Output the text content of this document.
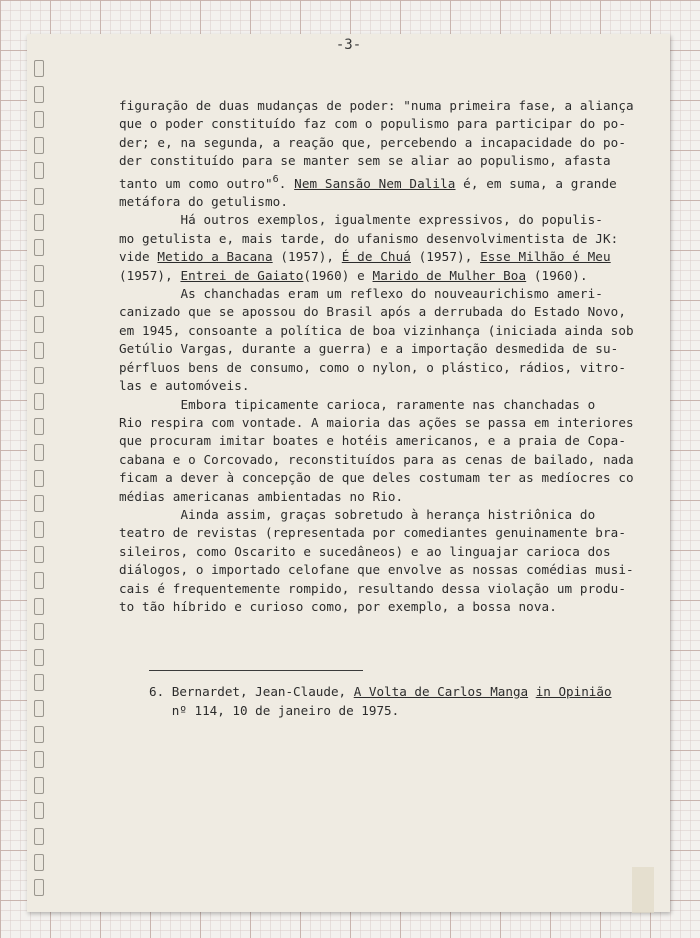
-3-
figuração de duas mudanças de poder: "numa primeira fase, a aliança
que o poder constituído faz com o populismo para participar do po-
der; e, na segunda, a reação que, percebendo a incapacidade do po-
der constituído para se manter sem se aliar ao populismo, afasta
tanto um como outro"$^6$. Nem Sansão Nem Dalila é, em suma, a grande
metáfora do getulismo.
Há outros exemplos, igualmente expressivos, do populis-
mo getulista e, mais tarde, do ufanismo desenvolvimentista de JK:
vide Metido a Bacana (1957), É de Chuá (1957), Esse Milhão é Meu
(1957), Entrei de Gaiato(1960) e Marido de Mulher Boa (1960).
As chanchadas eram um reflexo do nouveaurichismo ameri-
canizado que se apossou do Brasil após a derrubada do Estado Novo,
em 1945, consoante a política de boa vizinhança (iniciada ainda sob
Getúlio Vargas, durante a guerra) e a importação desmedida de su-
pérfluos bens de consumo, como o nylon, o plástico, rádios, vitro-
las e automóveis.
Embora tipicamente carioca, raramente nas chanchadas o
Rio respira com vontade. A maioria das ações se passa em interiores
que procuram imitar boates e hotéis americanos, e a praia de Copa-
cabana e o Corcovado, reconstituídos para as cenas de bailado, nada
ficam a dever à concepção de que deles costumam ter as medíocres co
médias americanas ambientadas no Rio.
Ainda assim, graças sobretudo à herança histriônica do
teatro de revistas (representada por comediantes genuinamente bra-
sileiros, como Oscarito e sucedâneos) e ao linguajar carioca dos
diálogos, o importado celofane que envolve as nossas comédias musi-
cais é frequentemente rompido, resultando dessa violação um produ-
to tão híbrido e curioso como, por exemplo, a bossa nova.
6. Bernardet, Jean-Claude, A Volta de Carlos Manga in Opinião
nº 114, 10 de janeiro de 1975.
